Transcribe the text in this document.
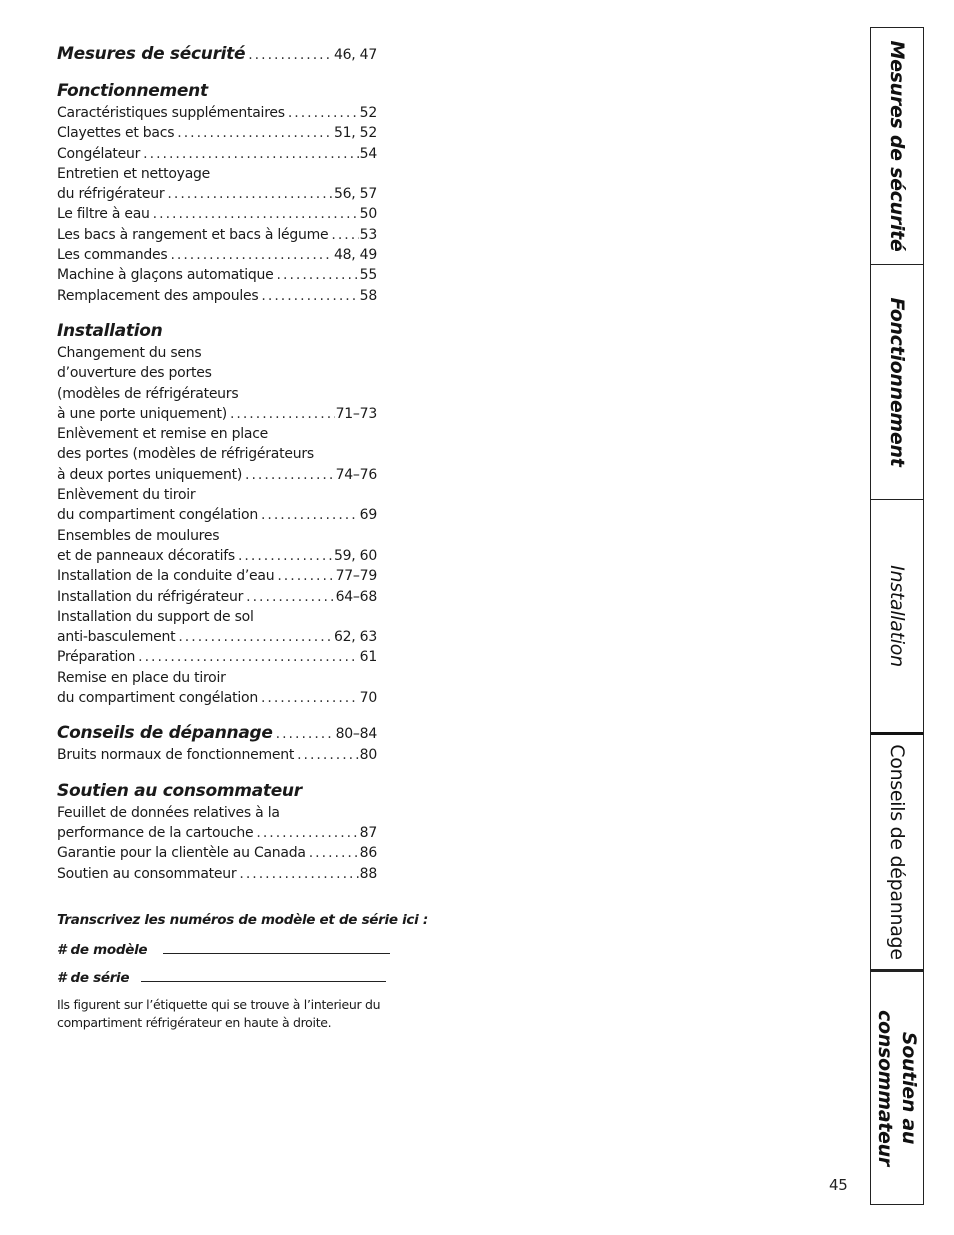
Mesures de sécurité .....	46, 47
Fonctionnement
Caractéristiques supplémentaires .....	52
Clayettes et bacs .....	51, 52
Congélateur .....	54
Entretien et nettoyage
du réfrigérateur .....	56, 57
Le filtre à eau .....	50
Les bacs à rangement et bacs à légume ..... 53
Les commandes .....	48, 49
Machine à glaçons automatique .....	55
Remplacement des ampoules .....	58
Installation
Changement du sens
d’ouverture des portes
(modèles de réfrigérateurs
à une porte uniquement) .....	71–73
Enlèvement et remise en place
des portes (modèles de réfrigérateurs
à deux portes uniquement) .....	74–76
Enlèvement du tiroir
du compartiment congélation .....	69
Ensembles de moulures
et de panneaux décoratifs .....	59, 60
Installation de la conduite d’eau .....	77–79
Installation du réfrigérateur .....	64–68
Installation du support de sol
anti-basculement .....	62, 63
Préparation .....	61
Remise en place du tiroir
du compartiment congélation .....	70
Conseils de dépannage .....	80–84
Bruits normaux de fonctionnement .....	80
Soutien au consommateur
Feuillet de données relatives à la
performance de la cartouche .....	87
Garantie pour la clientèle au Canada .....	86
Soutien au consommateur .....	88
Transcrivez les numéros de modèle et de série ici :
# de modèle
# de série
Ils figurent sur l’étiquette qui se trouve à l’interieur du compartiment réfrigérateur en haute à droite.
Mesures de sécurité
Fonctionnement
Installation
Conseils de dépannage
Soutien au
consommateur
45
